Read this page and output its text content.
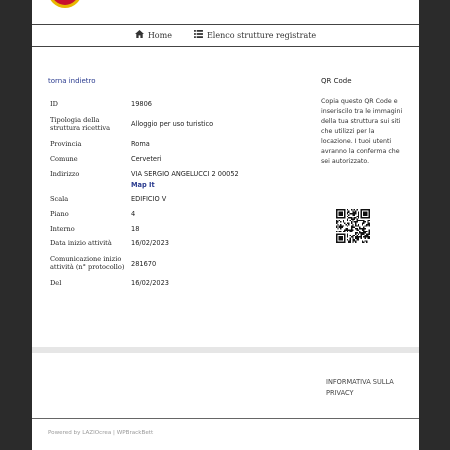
Home	Elenco strutture registrate
torna indietro
ID	19806
Tipologia della struttura ricettiva	Alloggio per uso turistico
Provincia	Roma
Comune	Cerveteri
Indirizzo	VIA SERGIO ANGELUCCI 2 00052
Map It
Scala	EDIFICIO V
Piano	4
Interno	18
Data inizio attività	16/02/2023
Comunicazione inizio attività (n° protocollo) 281670
Del	16/02/2023
QR Code
Copia questo QR Code e inseriscilo tra le immagini della tua struttura sui siti che utilizzi per la locazione. I tuoi utenti avranno la conferma che sei autorizzato.
INFORMATIVA SULLA PRIVACY
Powered by LAZIOcrea | WPBrackBett
